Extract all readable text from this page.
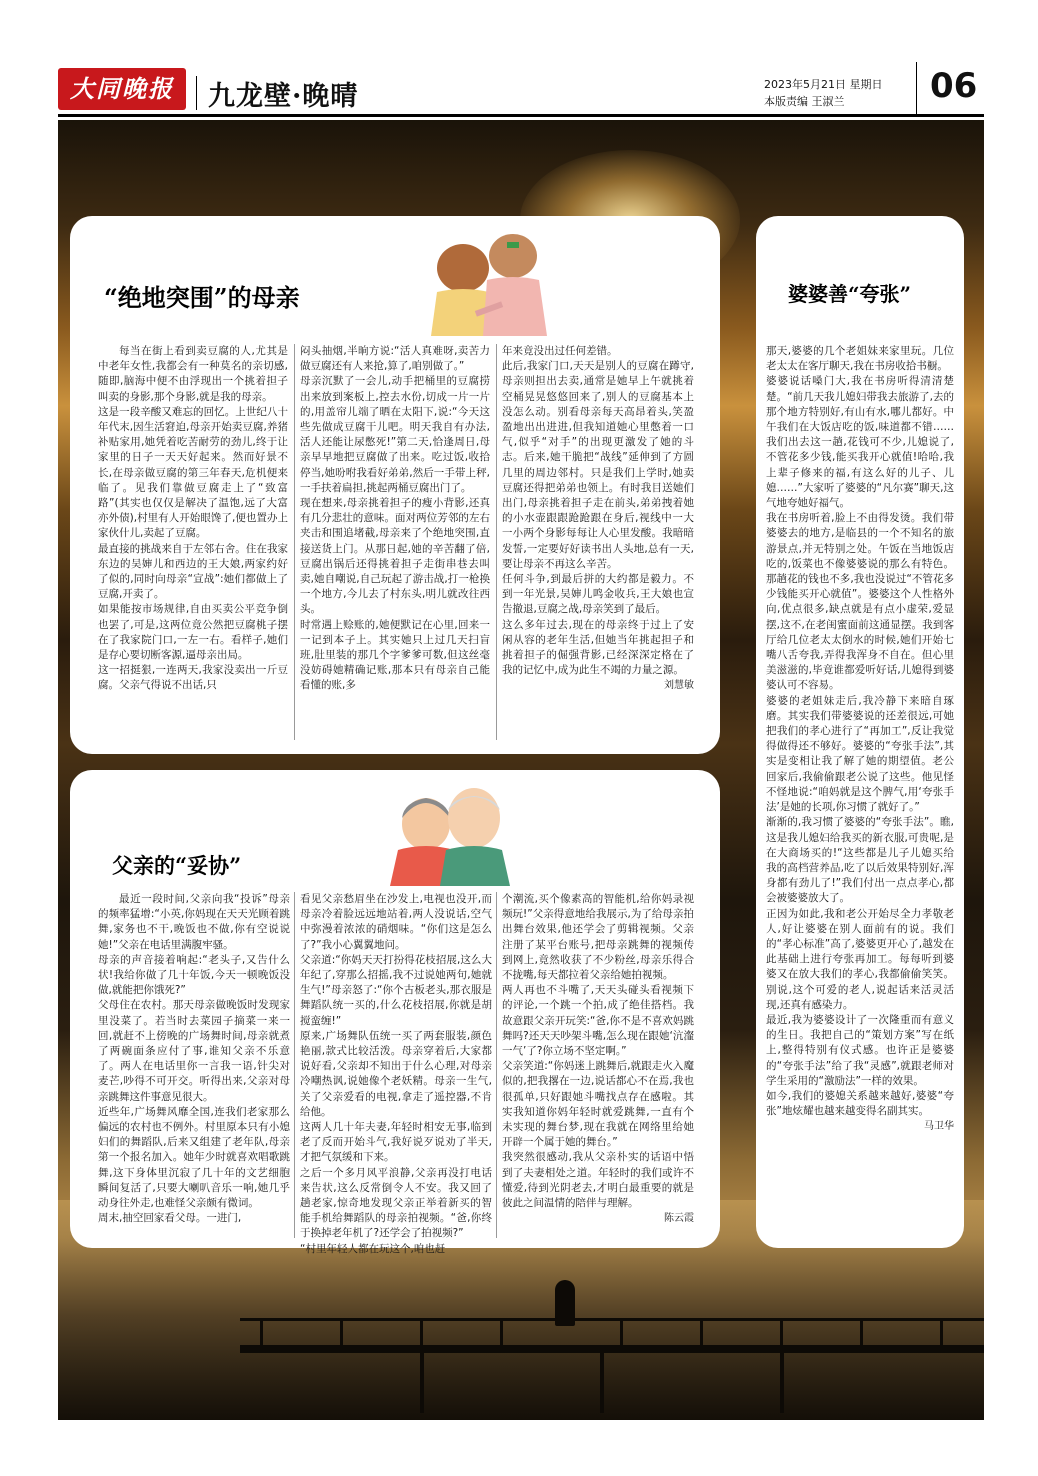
大同晚报	九龙壁·晚晴	2023年5月21日 星期日
本版责编 王淑兰	06
“绝地突围”的母亲
每当在街上看到卖豆腐的人,尤其是中老年女性,我都会有一种莫名的亲切感,随即,脑海中便不由浮现出一个挑着担子叫卖的身影,那个身影,就是我的母亲。
这是一段辛酸又难忘的回忆。上世纪八十年代末,因生活窘迫,母亲开始卖豆腐,养猪补贴家用,她凭着吃苦耐劳的劲儿,终于让家里的日子一天天好起来。然而好景不长,在母亲做豆腐的第三年春天,危机便来临了。见我们靠做豆腐走上了“致富路”(其实也仅仅是解决了温饱,远了大富亦外债),村里有人开始眼馋了,便也置办上家伙什儿,卖起了豆腐。
最直接的挑战来自于左邻右舍。住在我家东边的吴婶儿和西边的王大娘,两家约好了似的,同时向母亲“宣战”:她们都做上了豆腐,开卖了。
如果能按市场规律,自由买卖公平竞争倒也罢了,可是,这两位竟公然把豆腐桃子摆在了我家院门口,一左一右。看样子,她们是存心要切断客源,逼母亲出局。
这一招挺狠,一连两天,我家没卖出一斤豆腐。父亲气得说不出话,只
闷头抽烟,半晌方说:“活人真难呀,卖苦力做豆腐还有人来抢,算了,咱别做了。”
母亲沉默了一会儿,动手把桶里的豆腐捞出来放到案板上,控去水份,切成一片一片的,用盖帘儿端了晒在太阳下,说:“今天这些先做成豆腐干儿吧。明天我自有办法,活人还能让尿憋死!”第二天,恰逢周日,母亲早早地把豆腐做了出来。吃过饭,收拾停当,她吩咐我看好弟弟,然后一手带上秤,一手扶着扁担,挑起两桶豆腐出门了。
现在想来,母亲挑着担子的瘦小背影,还真有几分悲壮的意味。面对两位芳邻的左右夹击和围追堵截,母亲来了个绝地突围,直接送货上门。从那日起,她的辛苦翻了倍,豆腐出锅后还得挑着担子走街串巷去叫卖,她自嘲说,自己玩起了游击战,打一枪换一个地方,今儿去了村东头,明儿就改往西头。
时常遇上赊账的,她便默记在心里,回来一一记到本子上。其实她只上过几天扫盲班,肚里装的那几个字爹爹可数,但这丝毫没妨碍她精确记账,那本只有母亲自己能看懂的账,多
年来竟没出过任何差错。
此后,我家门口,天天是别人的豆腐在蹲守,母亲则担出去卖,通常是她早上午就挑着空桶晃晃悠悠回来了,别人的豆腐基本上没怎么动。别看母亲每天高昂着头,笑盈盈地出出进进,但我知道她心里憋着一口气,似乎“对手”的出现更激发了她的斗志。后来,她干脆把“战线”延伸到了方圆几里的周边邻村。只是我们上学时,她卖豆腐还得把弟弟也领上。有时我目送她们出门,母亲挑着担子走在前头,弟弟拽着她的小水壶跟跟跄跄跟在身后,视线中一大一小两个身影每每让人心里发酸。我暗暗发誓,一定要好好读书出人头地,总有一天,要让母亲不再这么辛苦。
任何斗争,到最后拼的大约都是毅力。不到一年光景,吴婶儿鸣金收兵,王大娘也宣告撤退,豆腐之战,母亲笑到了最后。
这么多年过去,现在的母亲终于过上了安闲从容的老年生活,但她当年挑起担子和挑着担子的倔强背影,已经深深定格在了我的记忆中,成为此生不竭的力量之源。
刘慧敏
父亲的“妥协”
最近一段时间,父亲向我“投诉”母亲的频率猛增:“小英,你妈现在天天光顾着跳舞,家务也不干,晚饭也不做,你有空说说她!”父亲在电话里满腹牢骚。
母亲的声音接着响起:“老头子,又告什么状!我给你做了几十年饭,今天一顿晚饭没做,就能把你饿死?”
父母住在农村。那天母亲做晚饭时发现家里没菜了。若当时去菜园子摘菜一来一回,就赶不上傍晚的广场舞时间,母亲就煮了两碗面条应付了事,谁知父亲不乐意了。两人在电话里你一言我一语,针尖对麦芒,吵得不可开交。听得出来,父亲对母亲跳舞这件事意见很大。
近些年,广场舞风靡全国,连我们老家那么偏远的农村也不例外。村里原本只有小媳妇们的舞蹈队,后来又组建了老年队,母亲第一个报名加入。她年少时就喜欢唱歌跳舞,这下身体里沉寂了几十年的文艺细胞瞬间复活了,只要大喇叭音乐一响,她几乎动身往外走,也难怪父亲颇有微词。
周末,抽空回家看父母。一进门,
看见父亲愁眉坐在沙发上,电视也没开,而母亲冷着脸远远地站着,两人没说话,空气中弥漫着浓浓的硝烟味。“你们这是怎么了?”我小心翼翼地问。
父亲道:“你妈天天打扮得花枝招展,这么大年纪了,穿那么招摇,我不过说她两句,她就生气!”母亲怒了:“你个古板老头,那衣服是舞蹈队统一买的,什么花枝招展,你就是胡搅蛮缠!”
原来,广场舞队伍统一买了两套服装,颜色艳丽,款式比较活泼。母亲穿着后,大家都说好看,父亲却不知出于什么心理,对母亲冷嘲热讽,说她像个老妖精。母亲一生气,关了父亲爱看的电视,拿走了遥控器,不肯给他。
这两人几十年夫妻,年轻时相安无事,临到老了反而开始斗气,我好说歹说劝了半天,才把气氛缓和下来。
之后一个多月风平浪静,父亲再没打电话来告状,这么反常倒令人不安。我又回了趟老家,惊奇地发现父亲正举着新买的智能手机给舞蹈队的母亲拍视频。“爸,你终于换掉老年机了?还学会了拍视频?”
“村里年轻人都在玩这个,咱也赶
个潮流,买个像素高的智能机,给你妈录视频玩!”父亲得意地给我展示,为了给母亲拍出舞台效果,他还学会了剪辑视频。父亲注册了某平台账号,把母亲跳舞的视频传到网上,竟然收获了不少粉丝,母亲乐得合不拢嘴,每天都拉着父亲给她拍视频。
两人再也不斗嘴了,天天头碰头看视频下的评论,一个跳一个拍,成了绝佳搭档。我故意跟父亲开玩笑:“爸,你不是不喜欢妈跳舞吗?还天天吵架斗嘴,怎么现在跟她‘沆瀣一气’了?你立场不坚定啊。”
父亲笑道:“你妈迷上跳舞后,就跟走火入魔似的,把我撂在一边,说话都心不在焉,我也很孤单,只好跟她斗嘴找点存在感啦。其实我知道你妈年轻时就爱跳舞,一直有个未实现的舞台梦,现在我就在网络里给她开辟一个属于她的舞台。”
我突然很感动,我从父亲朴实的话语中悟到了夫妻相处之道。年轻时的我们或许不懂爱,待到光阴老去,才明白最重要的就是彼此之间温情的陪伴与理解。
陈云霞
婆婆善“夸张”
那天,婆婆的几个老姐妹来家里玩。几位老太太在客厅聊天,我在书房收拾书橱。
婆婆说话嗓门大,我在书房听得清清楚楚。“前几天我儿媳妇带我去旅游了,去的那个地方特别好,有山有水,哪儿都好。中午我们在大饭店吃的饭,味道都不错……我们出去这一趟,花钱可不少,儿媳说了,不管花多少钱,能买我开心就值!哈哈,我上辈子修来的福,有这么好的儿子、儿媳……”大家听了婆婆的“凡尔赛”聊天,这气地夸她好福气。
我在书房听着,脸上不由得发烫。我们带婆婆去的地方,是临县的一个不知名的旅游景点,并无特别之处。午饭在当地饭店吃的,饭菜也不像婆婆说的那么有特色。那趟花的钱也不多,我也没说过“不管花多少钱能买开心就值”。婆婆这个人性格外向,优点很多,缺点就是有点小虚荣,爱显摆,这不,在老闺蜜面前这通显摆。我到客厅给几位老太太倒水的时候,她们开始七嘴八舌夸我,弄得我浑身不自在。但心里美滋滋的,毕竟谁都爱听好话,儿媳得到婆婆认可不容易。
婆婆的老姐妹走后,我冷静下来暗自琢磨。其实我们带婆婆说的还差很远,可她把我们的孝心进行了“再加工”,反让我觉得做得还不够好。婆婆的“夸张手法”,其实是变相让我了解了她的期望值。老公回家后,我偷偷跟老公说了这些。他见怪不怪地说:“咱妈就是这个脾气,用‘夸张手法’是她的长项,你习惯了就好了。”
渐渐的,我习惯了婆婆的“夸张手法”。瞧,这是我儿媳妇给我买的新衣服,可贵呢,是在大商场买的!“这些都是儿子儿媳买给我的高档营养品,吃了以后效果特别好,浑身都有劲儿了!”我们付出一点点孝心,都会被婆婆放大了。
正因为如此,我和老公开始尽全力孝敬老人,好让婆婆在别人面前有的说。我们的“孝心标准”高了,婆婆更开心了,越发在此基础上进行夸张再加工。每每听到婆婆又在放大我们的孝心,我都偷偷笑笑。别说,这个可爱的老人,说起话来活灵活现,还真有感染力。
最近,我为婆婆设计了一次隆重而有意义的生日。我把自己的“策划方案”写在纸上,整得特别有仪式感。也许正是婆婆的“夸张手法”给了我“灵感”,就跟老师对学生采用的“激励法”一样的效果。
如今,我们的婆媳关系越来越好,婆婆“夸张”地炫耀也越来越变得名副其实。
马卫华
